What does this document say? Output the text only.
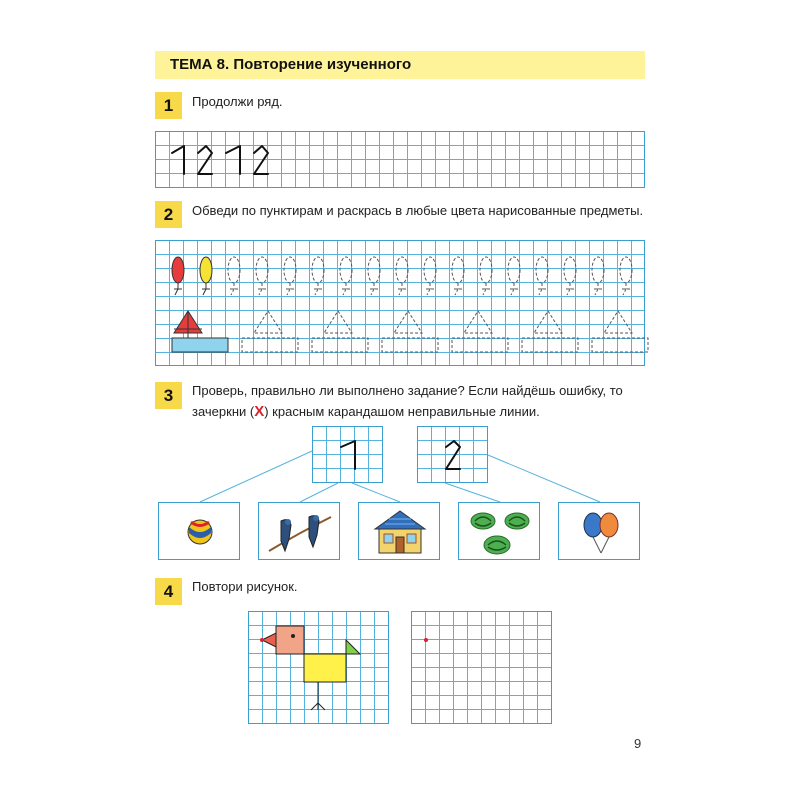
ТЕМА 8. Повторение изученного
1	Продолжи ряд.
2	Обведи по пунктирам и раскрась в любые цвета нарисованные предметы.
3	Проверь, правильно ли выполнено задание? Если найдёшь ошибку, то
зачеркни (Х) красным карандашом неправильные линии.
4	Повтори рисунок.
9
